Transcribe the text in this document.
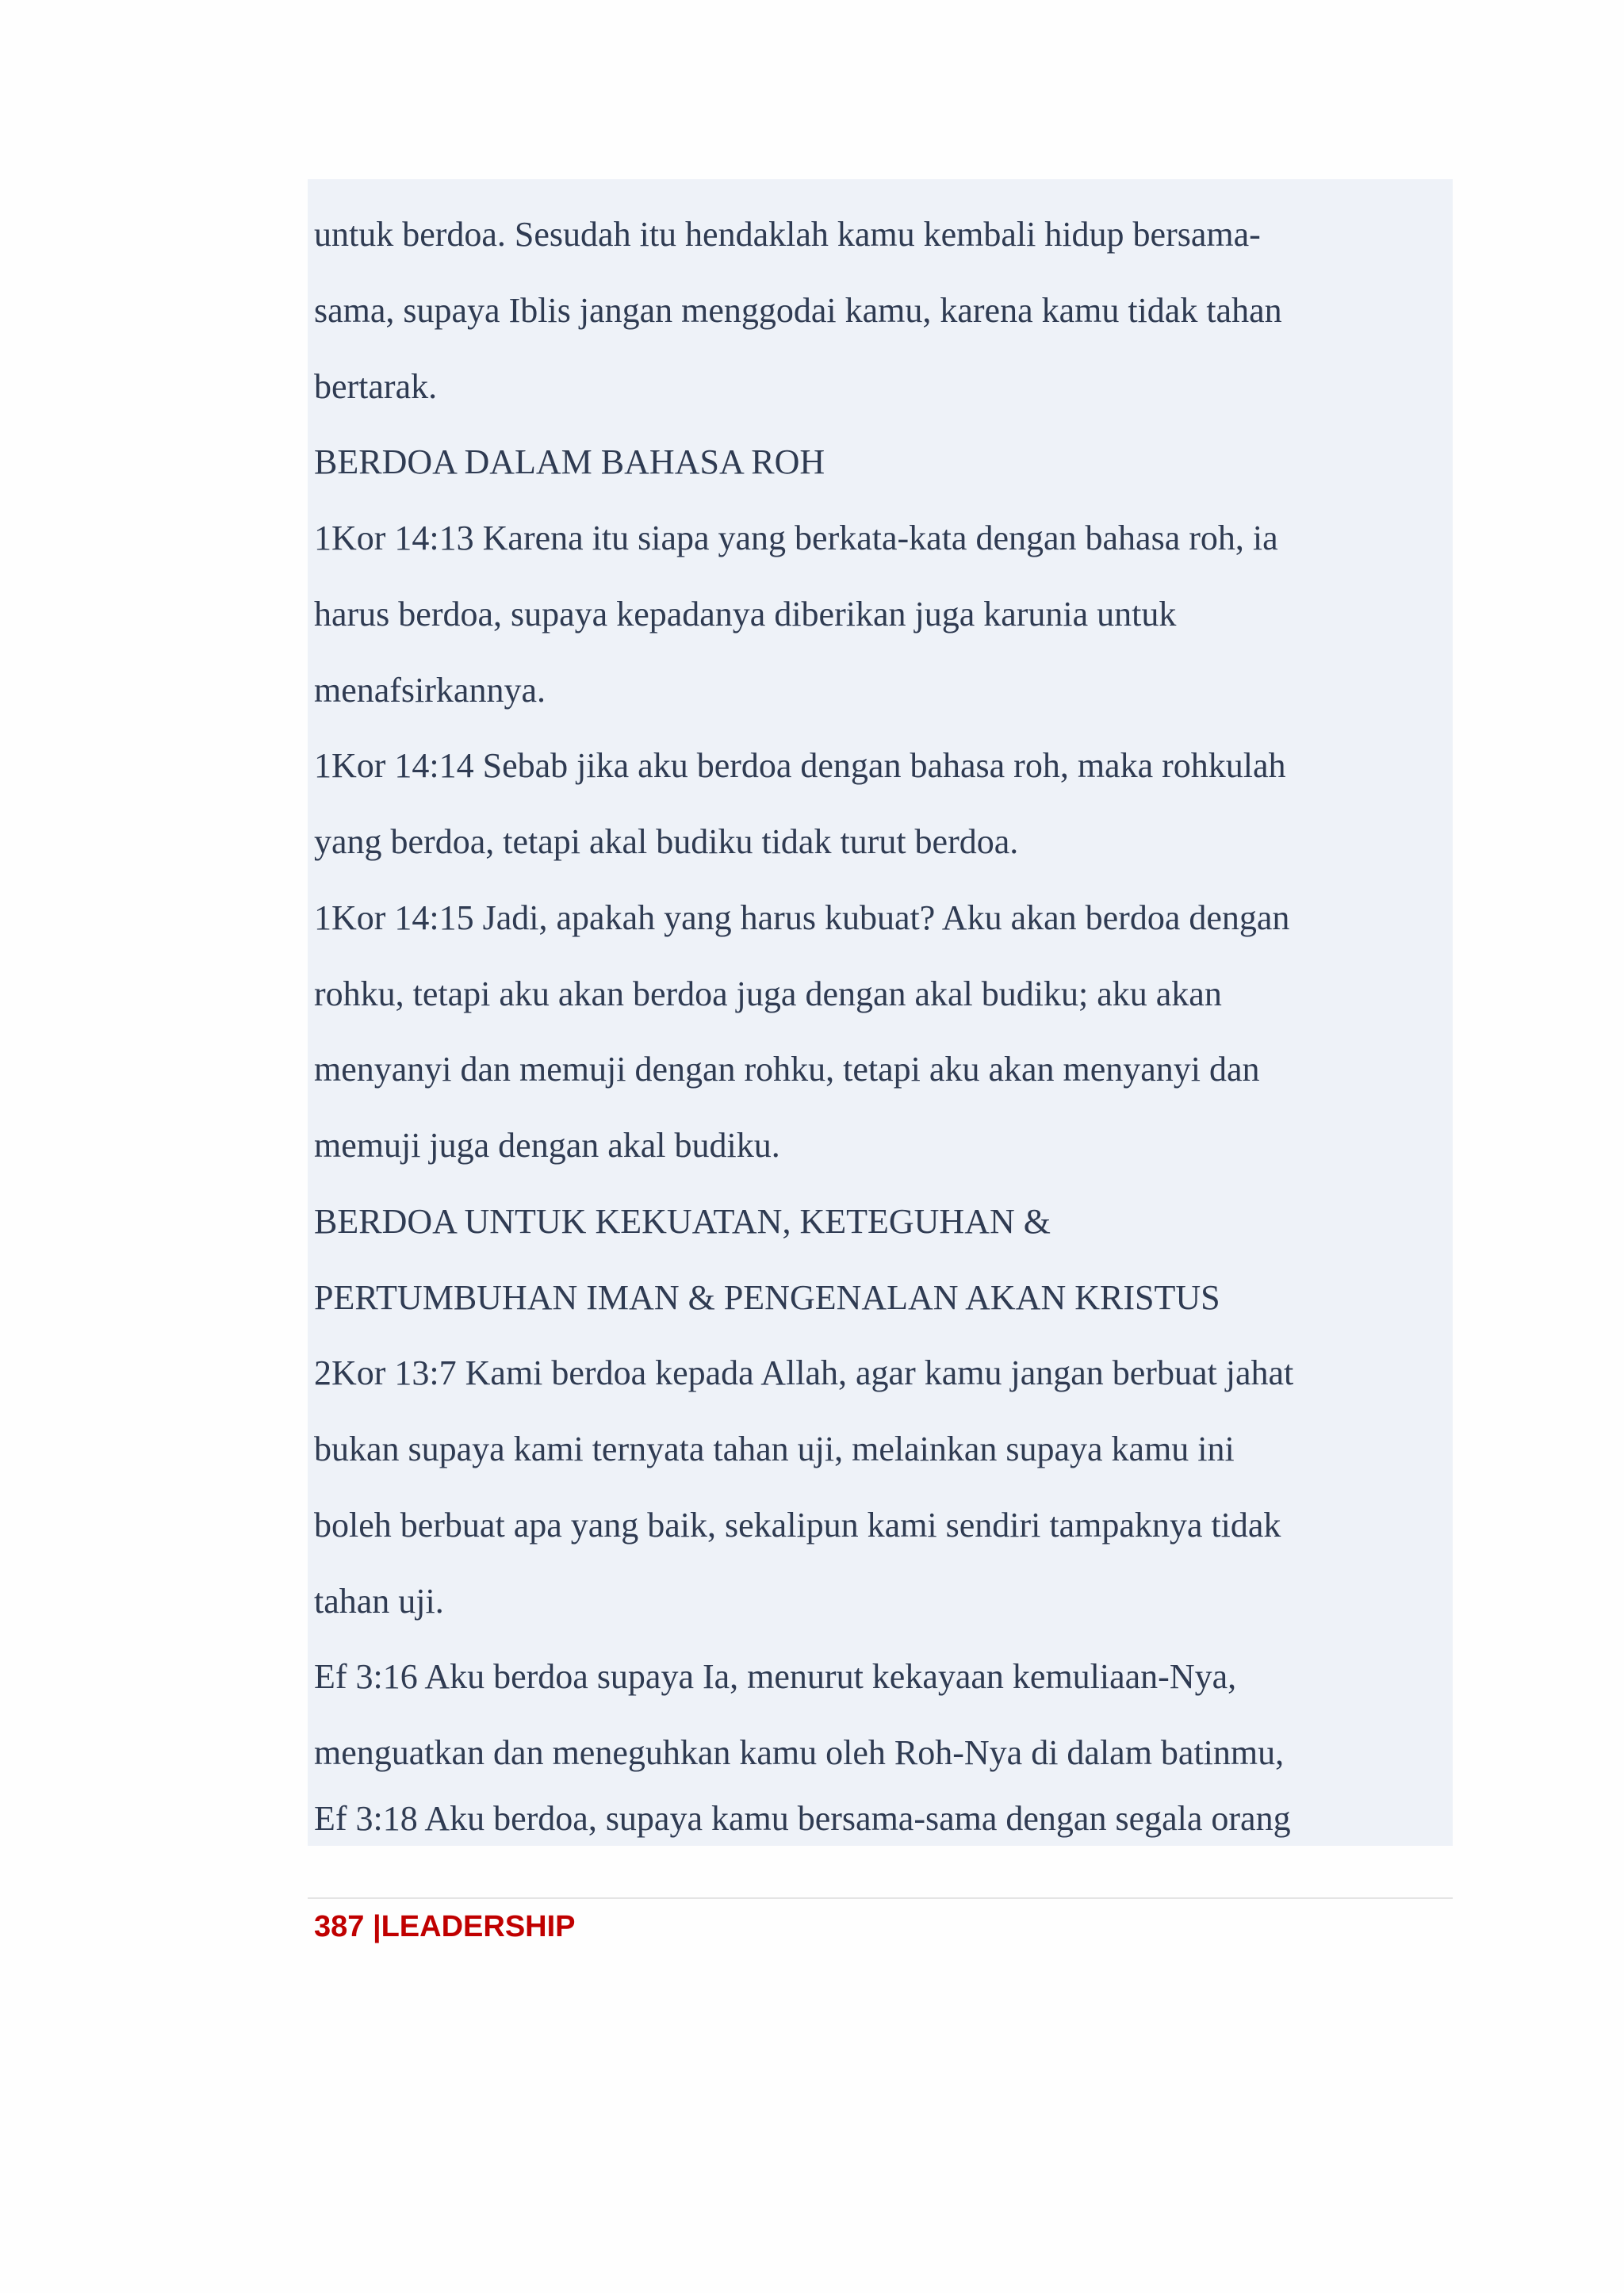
untuk berdoa. Sesudah itu hendaklah kamu kembali hidup bersama-
sama, supaya Iblis jangan menggodai kamu, karena kamu tidak tahan
bertarak.
BERDOA DALAM BAHASA ROH
1Kor 14:13 Karena itu siapa yang berkata-kata dengan bahasa roh, ia
harus berdoa, supaya kepadanya diberikan juga karunia untuk
menafsirkannya.
1Kor 14:14 Sebab jika aku berdoa dengan bahasa roh, maka rohkulah
yang berdoa, tetapi akal budiku tidak turut berdoa.
1Kor 14:15 Jadi, apakah yang harus kubuat? Aku akan berdoa dengan
rohku, tetapi aku akan berdoa juga dengan akal budiku; aku akan
menyanyi dan memuji dengan rohku, tetapi aku akan menyanyi dan
memuji juga dengan akal budiku.
BERDOA UNTUK KEKUATAN, KETEGUHAN &
PERTUMBUHAN IMAN & PENGENALAN AKAN KRISTUS
2Kor 13:7 Kami berdoa kepada Allah, agar kamu jangan berbuat jahat
bukan supaya kami ternyata tahan uji, melainkan supaya kamu ini
boleh berbuat apa yang baik, sekalipun kami sendiri tampaknya tidak
tahan uji.
Ef 3:16 Aku berdoa supaya Ia, menurut kekayaan kemuliaan-Nya,
menguatkan dan meneguhkan kamu oleh Roh-Nya di dalam batinmu,
Ef 3:18 Aku berdoa, supaya kamu bersama-sama dengan segala orang
387 |LEADERSHIP
